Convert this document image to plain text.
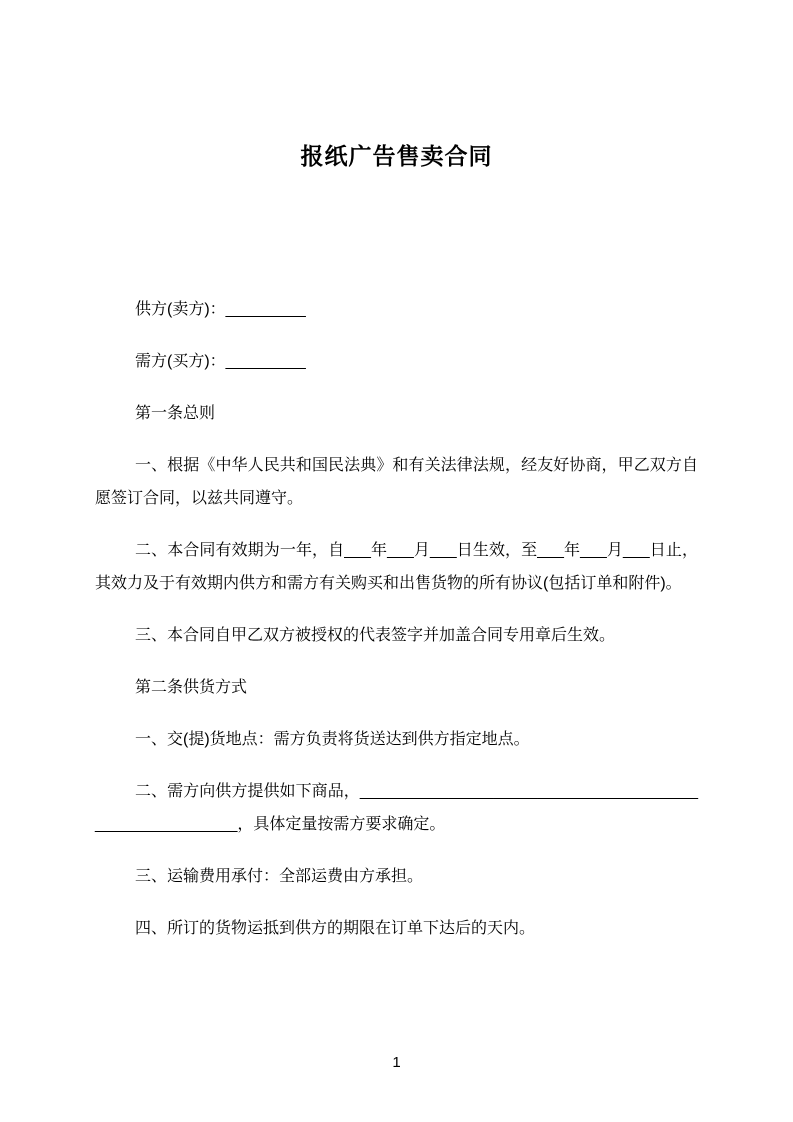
报纸广告售卖合同

供方(卖方)：_________

需方(买方)：_________

第一条总则

一、根据《中华人民共和国民法典》和有关法律法规，经友好协商，甲乙双方自愿签订合同，以兹共同遵守。

二、本合同有效期为一年，自___年___月___日生效，至___年___月___日止，其效力及于有效期内供方和需方有关购买和出售货物的所有协议(包括订单和附件)。

三、本合同自甲乙双方被授权的代表签字并加盖合同专用章后生效。

第二条供货方式

一、交(提)货地点：需方负责将货送达到供方指定地点。

二、需方向供方提供如下商品，______________________________________________________，具体定量按需方要求确定。

三、运输费用承付：全部运费由方承担。

四、所订的货物运抵到供方的期限在订单下达后的天内。

1
